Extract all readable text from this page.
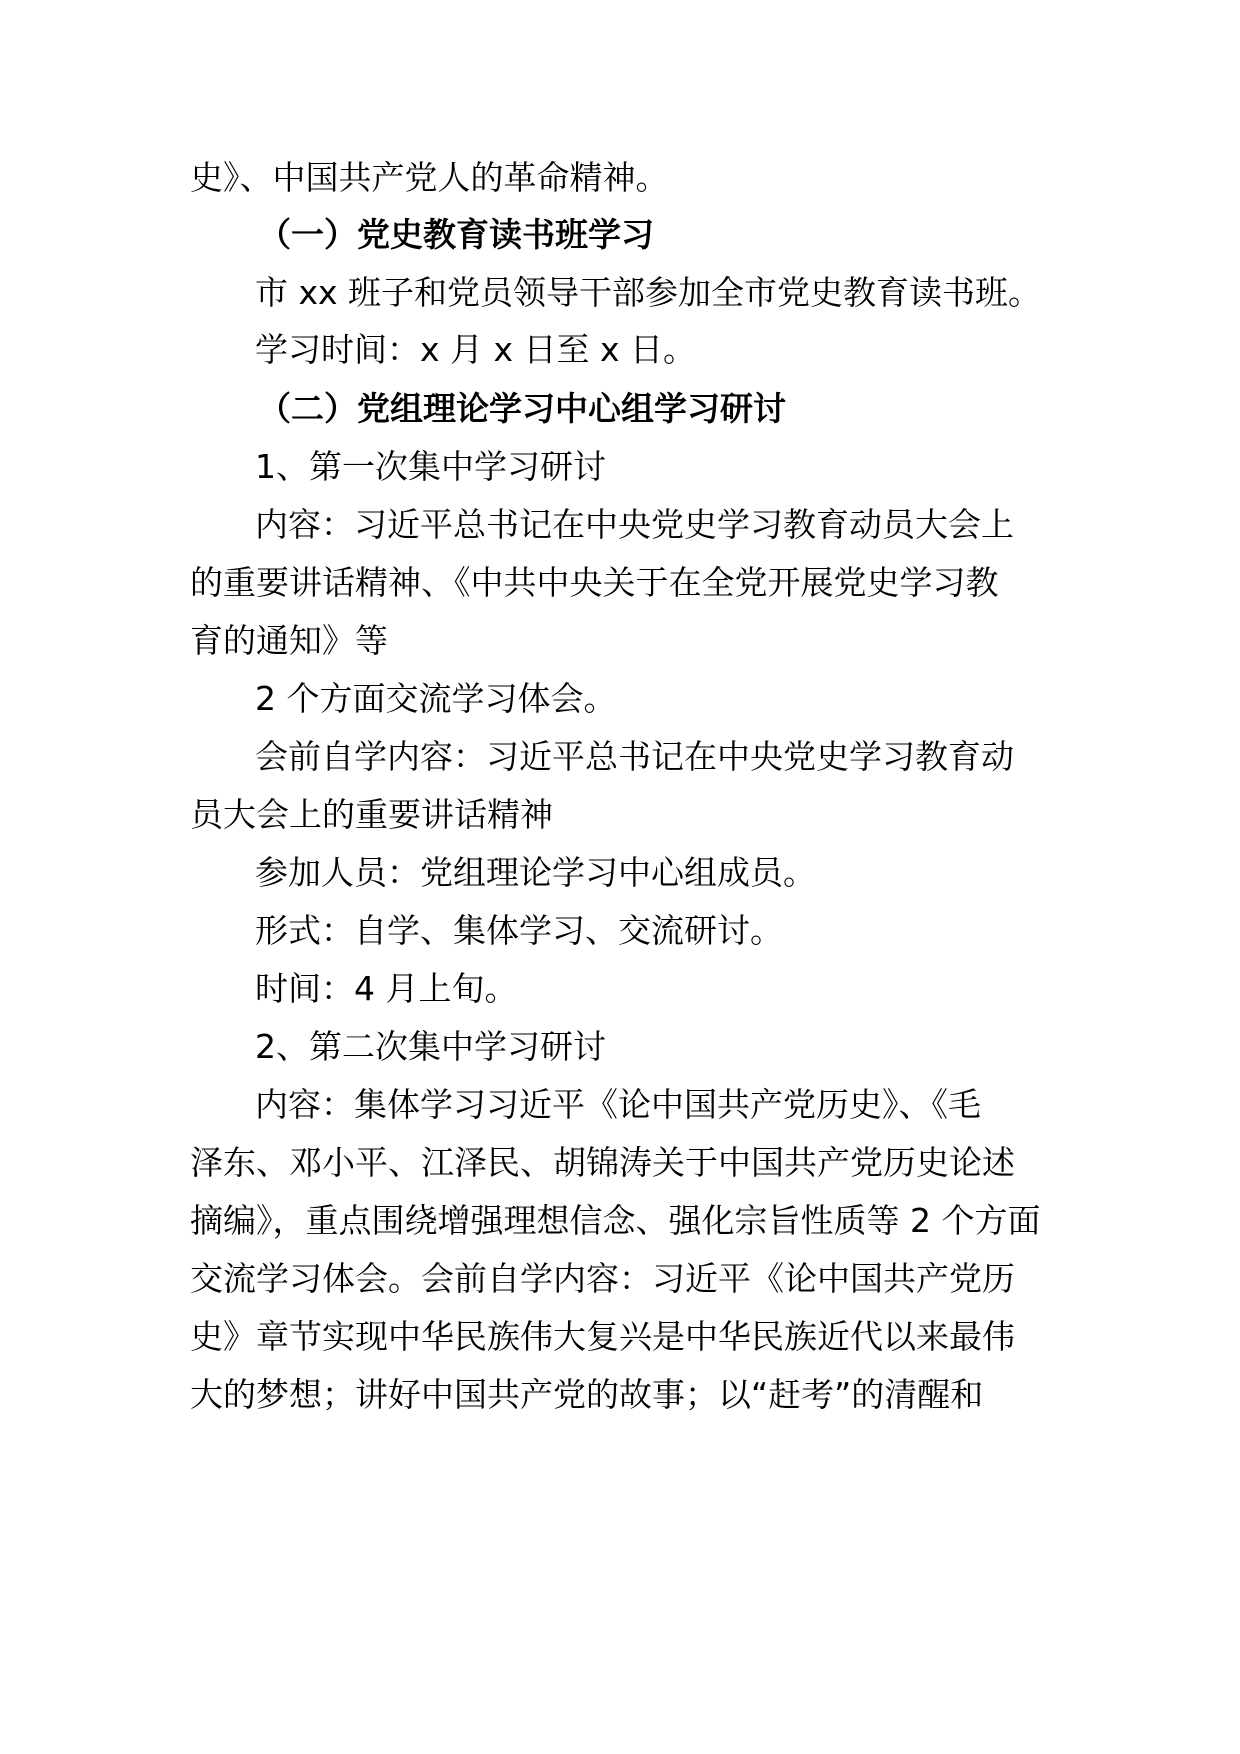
史》、中国共产党人的革命精神。
（一）党史教育读书班学习
市 xx 班子和党员领导干部参加全市党史教育读书班。
学习时间：x 月 x 日至 x 日。
（二）党组理论学习中心组学习研讨
1、第一次集中学习研讨
内容：习近平总书记在中央党史学习教育动员大会上
的重要讲话精神、《中共中央关于在全党开展党史学习教
育的通知》等
2 个方面交流学习体会。
会前自学内容：习近平总书记在中央党史学习教育动
员大会上的重要讲话精神
参加人员：党组理论学习中心组成员。
形式：自学、集体学习、交流研讨。
时间：4 月上旬。
2、第二次集中学习研讨
内容：集体学习习近平《论中国共产党历史》、《毛
泽东、邓小平、江泽民、胡锦涛关于中国共产党历史论述
摘编》，重点围绕增强理想信念、强化宗旨性质等 2 个方面
交流学习体会。会前自学内容：习近平《论中国共产党历
史》章节实现中华民族伟大复兴是中华民族近代以来最伟
大的梦想；讲好中国共产党的故事；以“赶考”的清醒和
